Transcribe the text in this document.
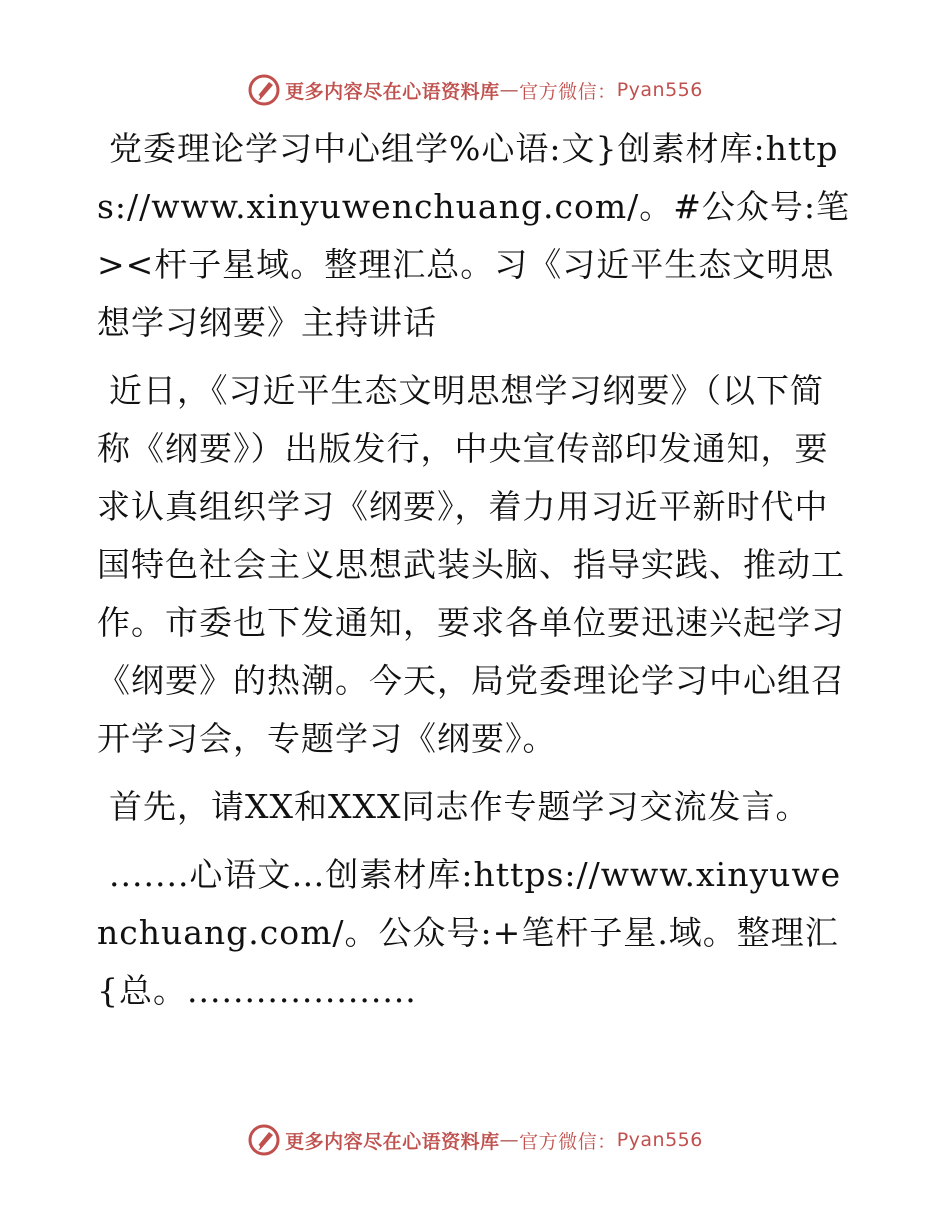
更多内容尽在心语资料库 — 官方微信： Pyan556

党委理论学习中心组学%心语:文}创素材库:https://www.xinyuwenchuang.com/。#公众号:笔><杆子星域。整理汇总。习《习近平生态文明思想学习纲要》主持讲话

近日，《习近平生态文明思想学习纲要》（以下简称《纲要》）出版发行，中央宣传部印发通知，要求认真组织学习《纲要》，着力用习近平新时代中国特色社会主义思想武装头脑、指导实践、推动工作。市委也下发通知，要求各单位要迅速兴起学习《纲要》的热潮。今天，局党委理论学习中心组召开学习会，专题学习《纲要》。

首先，请XX和XXX同志作专题学习交流发言。

.......心语文…创素材库:https://www.xinyuwenchuang.com/。公众号:+笔杆子星.域。整理汇{总。....................

更多内容尽在心语资料库 — 官方微信： Pyan556
